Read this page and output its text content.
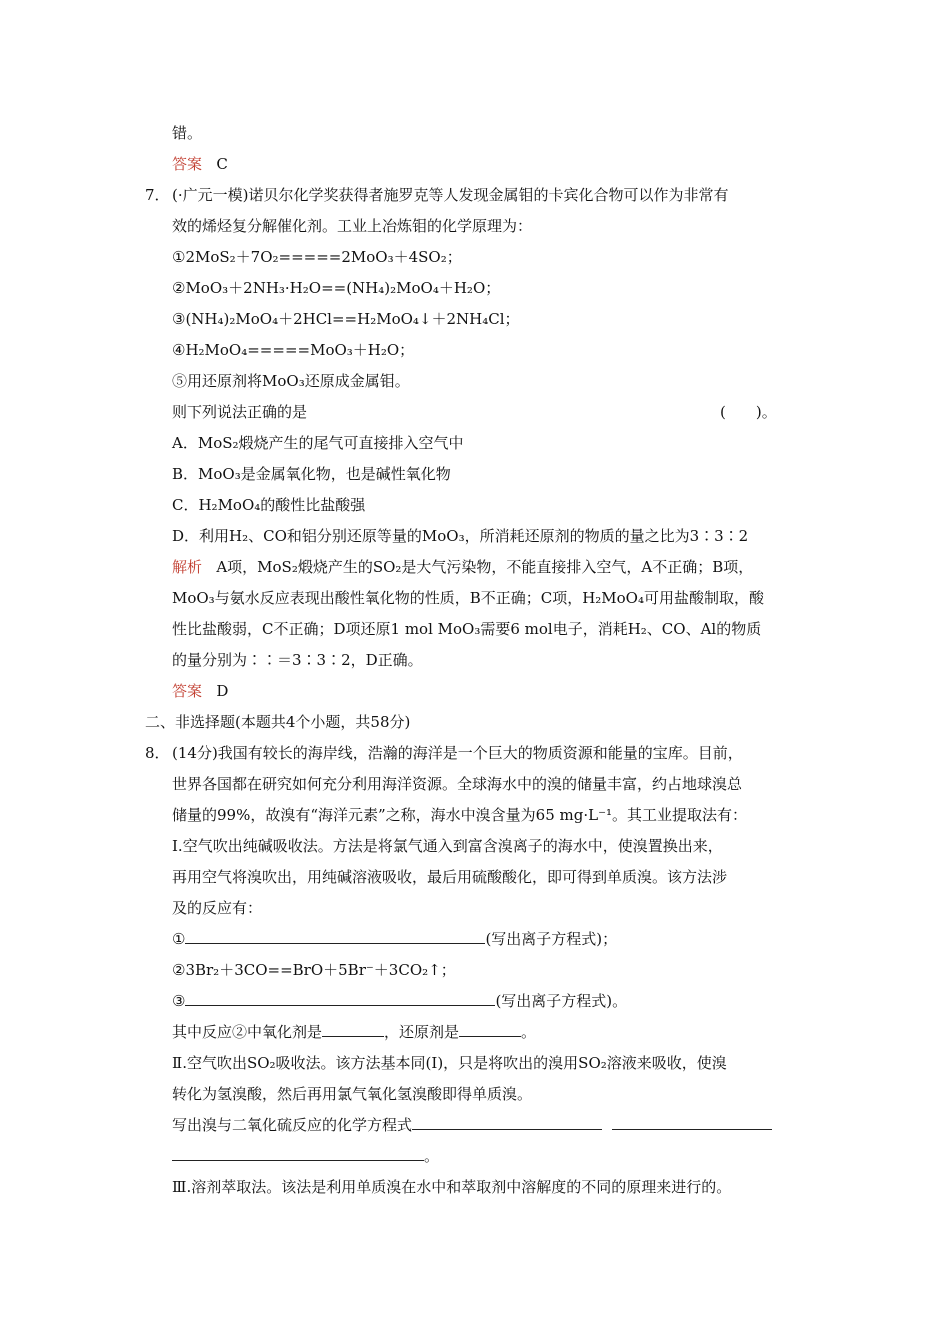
错。
答案 C
7． (·广元一模)诺贝尔化学奖获得者施罗克等人发现金属钼的卡宾化合物可以作为非常有
效的烯烃复分解催化剂。工业上冶炼钼的化学原理为：
①2MoS₂＋7O₂=====2MoO₃＋4SO₂；
②MoO₃＋2NH₃·H₂O==(NH₄)₂MoO₄＋H₂O；
③(NH₄)₂MoO₄＋2HCl==H₂MoO₄↓＋2NH₄Cl；
④H₂MoO₄=====MoO₃＋H₂O；
⑤用还原剂将MoO₃还原成金属钼。
则下列说法正确的是	(　　)。
A．MoS₂煅烧产生的尾气可直接排入空气中
B．MoO₃是金属氧化物，也是碱性氧化物
C．H₂MoO₄的酸性比盐酸强
D．利用H₂、CO和铝分别还原等量的MoO₃，所消耗还原剂的物质的量之比为3∶3∶2
解析 A项，MoS₂煅烧产生的SO₂是大气污染物，不能直接排入空气，A不正确；B项，
MoO₃与氨水反应表现出酸性氧化物的性质，B不正确；C项，H₂MoO₄可用盐酸制取，酸
性比盐酸弱，C不正确；D项还原1 mol MoO₃需要6 mol电子，消耗H₂、CO、Al的物质
的量分别为∶∶＝3∶3∶2，D正确。
答案 D
二、非选择题(本题共4个小题，共58分)
8． (14分)我国有较长的海岸线，浩瀚的海洋是一个巨大的物质资源和能量的宝库。目前，
世界各国都在研究如何充分利用海洋资源。全球海水中的溴的储量丰富，约占地球溴总
储量的99%，故溴有“海洋元素”之称，海水中溴含量为65 mg·L⁻¹。其工业提取法有：
Ⅰ.空气吹出纯碱吸收法。方法是将氯气通入到富含溴离子的海水中，使溴置换出来，
再用空气将溴吹出，用纯碱溶液吸收，最后用硫酸酸化，即可得到单质溴。该方法涉
及的反应有：
①	(写出离子方程式)；
②3Br₂＋3CO==BrO＋5Br⁻＋3CO₂↑；
③	(写出离子方程式)。
其中反应②中氧化剂是	，还原剂是	。
Ⅱ.空气吹出SO₂吸收法。该方法基本同(Ⅰ)，只是将吹出的溴用SO₂溶液来吸收，使溴
转化为氢溴酸，然后再用氯气氧化氢溴酸即得单质溴。
写出溴与二氧化硫反应的化学方程式
。
Ⅲ.溶剂萃取法。该法是利用单质溴在水中和萃取剂中溶解度的不同的原理来进行的。
